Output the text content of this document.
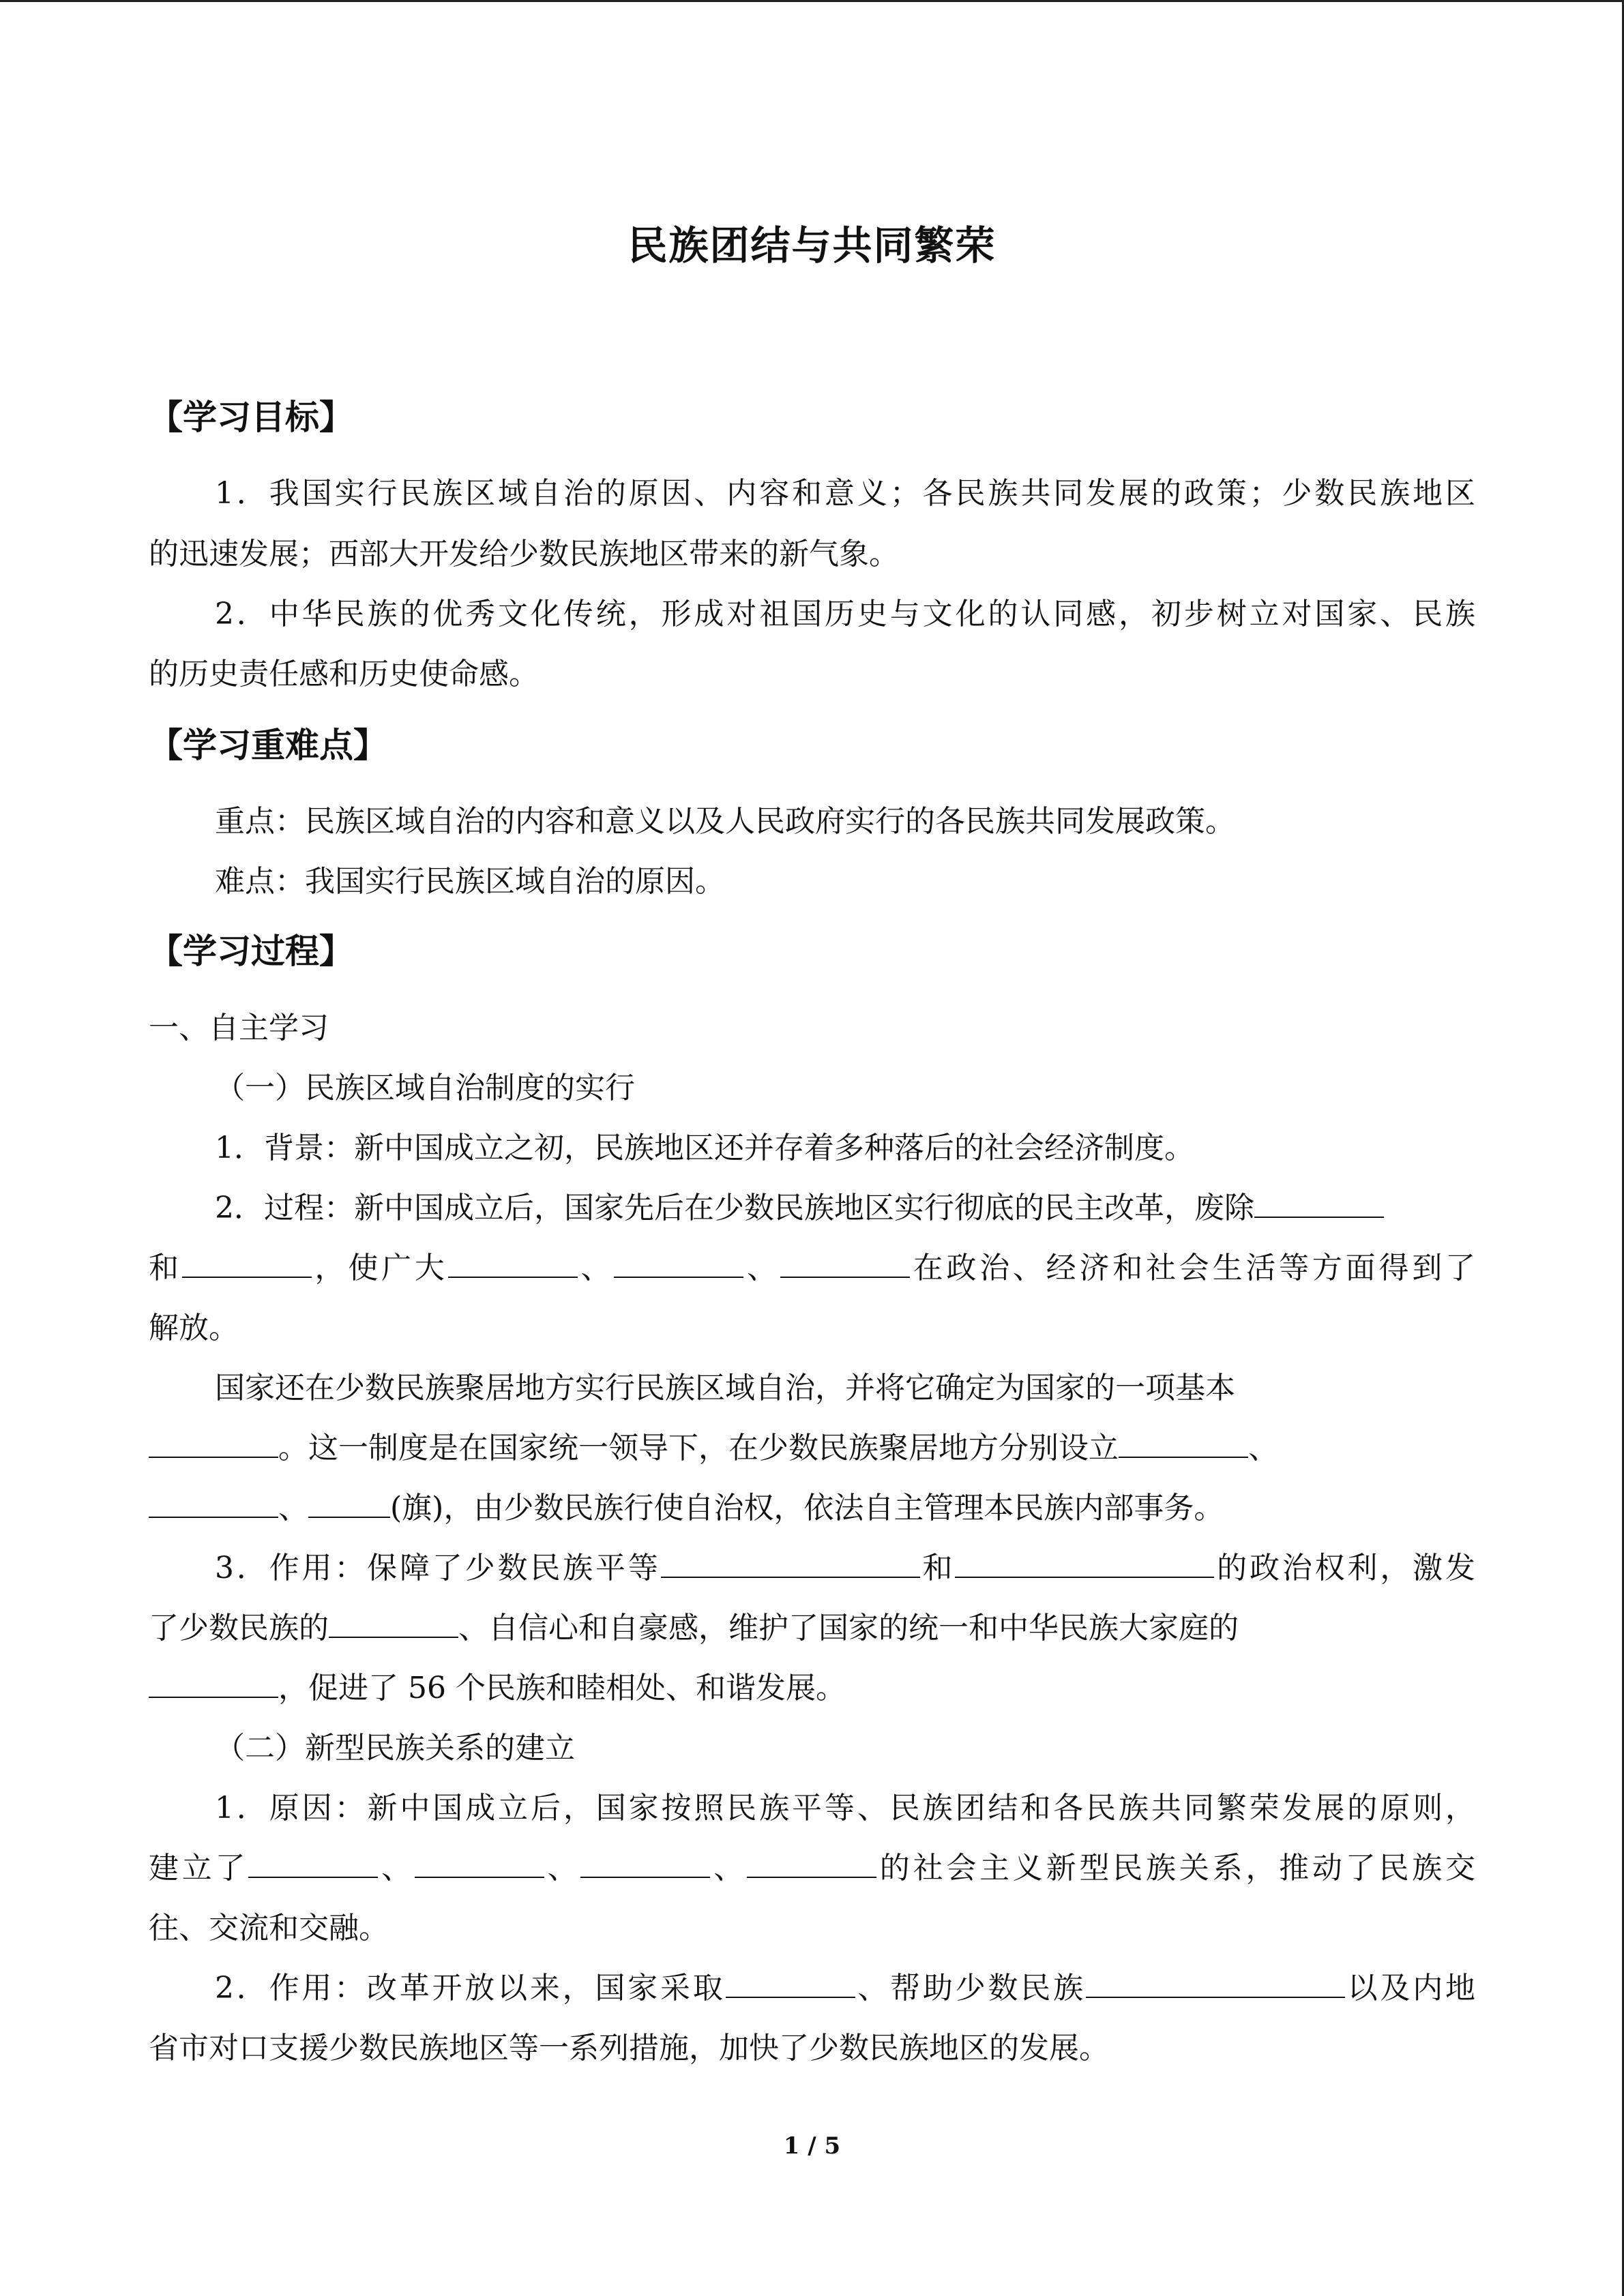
民族团结与共同繁荣
【学习目标】
1．我国实行民族区域自治的原因、内容和意义；各民族共同发展的政策；少数民族地区
的迅速发展；西部大开发给少数民族地区带来的新气象。
2．中华民族的优秀文化传统，形成对祖国历史与文化的认同感，初步树立对国家、民族
的历史责任感和历史使命感。
【学习重难点】
重点：民族区域自治的内容和意义以及人民政府实行的各民族共同发展政策。
难点：我国实行民族区域自治的原因。
【学习过程】
一、自主学习
（一）民族区域自治制度的实行
1．背景：新中国成立之初，民族地区还并存着多种落后的社会经济制度。
2．过程：新中国成立后，国家先后在少数民族地区实行彻底的民主改革，废除
和	，使广大	、	、	在政治、经济和社会生活等方面得到了
解放。
国家还在少数民族聚居地方实行民族区域自治，并将它确定为国家的一项基本
。这一制度是在国家统一领导下，在少数民族聚居地方分别设立	、
、	(旗)，由少数民族行使自治权，依法自主管理本民族内部事务。
3．作用：保障了少数民族平等	和	的政治权利，激发
了少数民族的	、自信心和自豪感，维护了国家的统一和中华民族大家庭的
，促进了 56 个民族和睦相处、和谐发展。
（二）新型民族关系的建立
1．原因：新中国成立后，国家按照民族平等、民族团结和各民族共同繁荣发展的原则，
建立了	、	、	、	的社会主义新型民族关系，推动了民族交
往、交流和交融。
2．作用：改革开放以来，国家采取	、帮助少数民族	以及内地
省市对口支援少数民族地区等一系列措施，加快了少数民族地区的发展。
1 / 5
